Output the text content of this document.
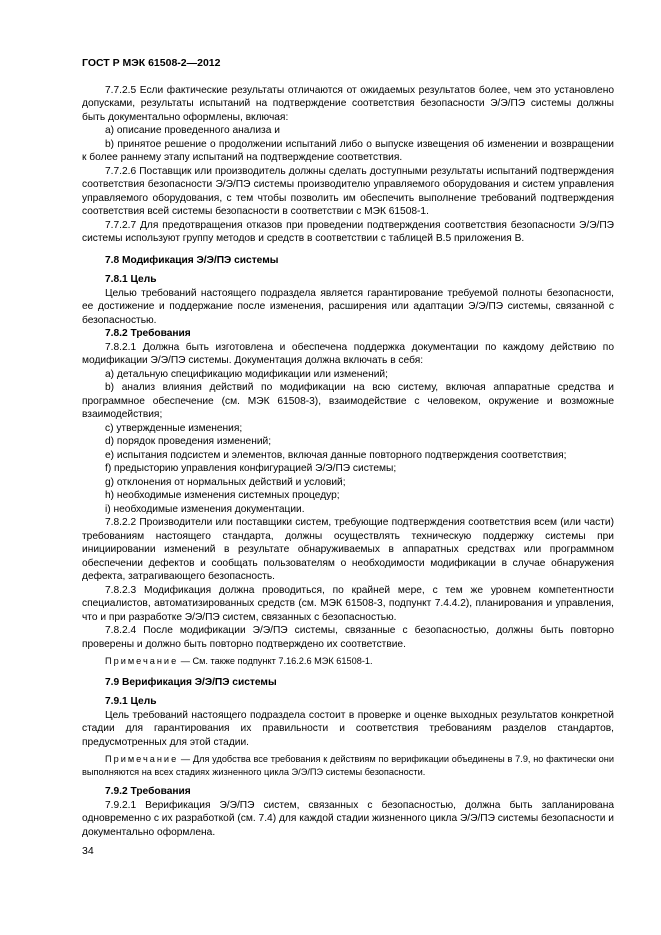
ГОСТ Р МЭК 61508-2—2012

7.7.2.5 Если фактические результаты отличаются от ожидаемых результатов более, чем это установлено допусками, результаты испытаний на подтверждение соответствия безопасности Э/Э/ПЭ системы должны быть документально оформлены, включая:

a) описание проведенного анализа и

b) принятое решение о продолжении испытаний либо о выпуске извещения об изменении и возвращении к более раннему этапу испытаний на подтверждение соответствия.

7.7.2.6 Поставщик или производитель должны сделать доступными результаты испытаний подтверждения соответствия безопасности Э/Э/ПЭ системы производителю управляемого оборудования и систем управления управляемого оборудования, с тем чтобы позволить им обеспечить выполнение требований подтверждения соответствия всей системы безопасности в соответствии с МЭК 61508-1.

7.7.2.7 Для предотвращения отказов при проведении подтверждения соответствия безопасности Э/Э/ПЭ системы используют группу методов и средств в соответствии с таблицей В.5 приложения В.

7.8 Модификация Э/Э/ПЭ системы

7.8.1 Цель

Целью требований настоящего подраздела является гарантирование требуемой полноты безопасности, ее достижение и поддержание после изменения, расширения или адаптации Э/Э/ПЭ системы, связанной с безопасностью.

7.8.2 Требования

7.8.2.1 Должна быть изготовлена и обеспечена поддержка документации по каждому действию по модификации Э/Э/ПЭ системы. Документация должна включать в себя:

a) детальную спецификацию модификации или изменений;

b) анализ влияния действий по модификации на всю систему, включая аппаратные средства и программное обеспечение (см. МЭК 61508-3), взаимодействие с человеком, окружение и возможные взаимодействия;

c) утвержденные изменения;

d) порядок проведения изменений;

e) испытания подсистем и элементов, включая данные повторного подтверждения соответствия;

f) предысторию управления конфигурацией Э/Э/ПЭ системы;

g) отклонения от нормальных действий и условий;

h) необходимые изменения системных процедур;

i) необходимые изменения документации.

7.8.2.2 Производители или поставщики систем, требующие подтверждения соответствия всем (или части) требованиям настоящего стандарта, должны осуществлять техническую поддержку системы при инициировании изменений в результате обнаруживаемых в аппаратных средствах или программном обеспечении дефектов и сообщать пользователям о необходимости модификации в случае обнаружения дефекта, затрагивающего безопасность.

7.8.2.3 Модификация должна проводиться, по крайней мере, с тем же уровнем компетентности специалистов, автоматизированных средств (см. МЭК 61508-3, подпункт 7.4.4.2), планирования и управления, что и при разработке Э/Э/ПЭ систем, связанных с безопасностью.

7.8.2.4 После модификации Э/Э/ПЭ системы, связанные с безопасностью, должны быть повторно проверены и должно быть повторно подтверждено их соответствие.

Примечание — См. также подпункт 7.16.2.6 МЭК 61508-1.

7.9 Верификация Э/Э/ПЭ системы

7.9.1 Цель

Цель требований настоящего подраздела состоит в проверке и оценке выходных результатов конкретной стадии для гарантирования их правильности и соответствия требованиям разделов стандартов, предусмотренных для этой стадии.

Примечание — Для удобства все требования к действиям по верификации объединены в 7.9, но фактически они выполняются на всех стадиях жизненного цикла Э/Э/ПЭ системы безопасности.

7.9.2 Требования

7.9.2.1 Верификация Э/Э/ПЭ систем, связанных с безопасностью, должна быть запланирована одновременно с их разработкой (см. 7.4) для каждой стадии жизненного цикла Э/Э/ПЭ системы безопасности и документально оформлена.

34
